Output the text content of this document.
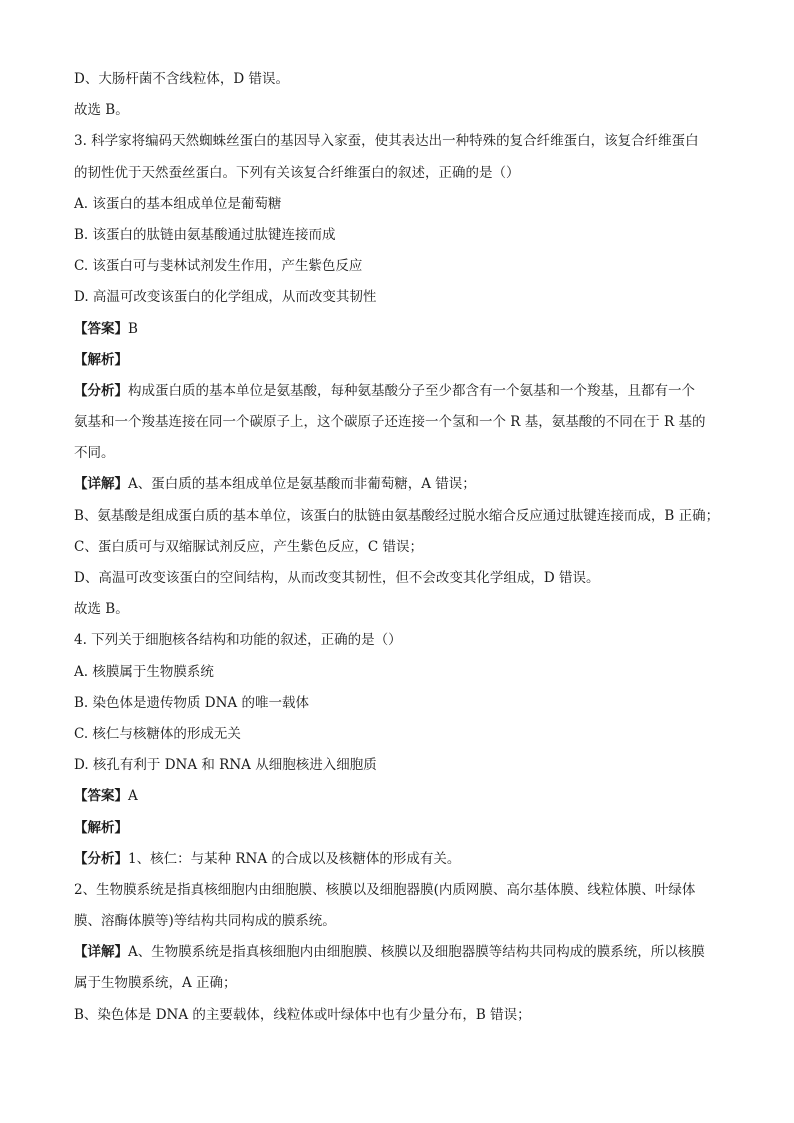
D、大肠杆菌不含线粒体，D 错误。
故选 B。
3. 科学家将编码天然蜘蛛丝蛋白的基因导入家蚕，使其表达出一种特殊的复合纤维蛋白，该复合纤维蛋白
的韧性优于天然蚕丝蛋白。下列有关该复合纤维蛋白的叙述，正确的是（）
A. 该蛋白的基本组成单位是葡萄糖
B. 该蛋白的肽链由氨基酸通过肽键连接而成
C. 该蛋白可与斐林试剂发生作用，产生紫色反应
D. 高温可改变该蛋白的化学组成，从而改变其韧性
【答案】B
【解析】
【分析】构成蛋白质的基本单位是氨基酸，每种氨基酸分子至少都含有一个氨基和一个羧基，且都有一个
氨基和一个羧基连接在同一个碳原子上，这个碳原子还连接一个氢和一个 R 基，氨基酸的不同在于 R 基的
不同。
【详解】A、蛋白质的基本组成单位是氨基酸而非葡萄糖，A 错误；
B、氨基酸是组成蛋白质的基本单位，该蛋白的肽链由氨基酸经过脱水缩合反应通过肽键连接而成，B 正确；
C、蛋白质可与双缩脲试剂反应，产生紫色反应，C 错误；
D、高温可改变该蛋白的空间结构，从而改变其韧性，但不会改变其化学组成，D 错误。
故选 B。
4. 下列关于细胞核各结构和功能的叙述，正确的是（）
A. 核膜属于生物膜系统
B. 染色体是遗传物质 DNA 的唯一载体
C. 核仁与核糖体的形成无关
D. 核孔有利于 DNA 和 RNA 从细胞核进入细胞质
【答案】A
【解析】
【分析】1、核仁：与某种 RNA 的合成以及核糖体的形成有关。
2、生物膜系统是指真核细胞内由细胞膜、核膜以及细胞器膜(内质网膜、高尔基体膜、线粒体膜、叶绿体
膜、溶酶体膜等)等结构共同构成的膜系统。
【详解】A、生物膜系统是指真核细胞内由细胞膜、核膜以及细胞器膜等结构共同构成的膜系统，所以核膜
属于生物膜系统，A 正确；
B、染色体是 DNA 的主要载体，线粒体或叶绿体中也有少量分布，B 错误；
